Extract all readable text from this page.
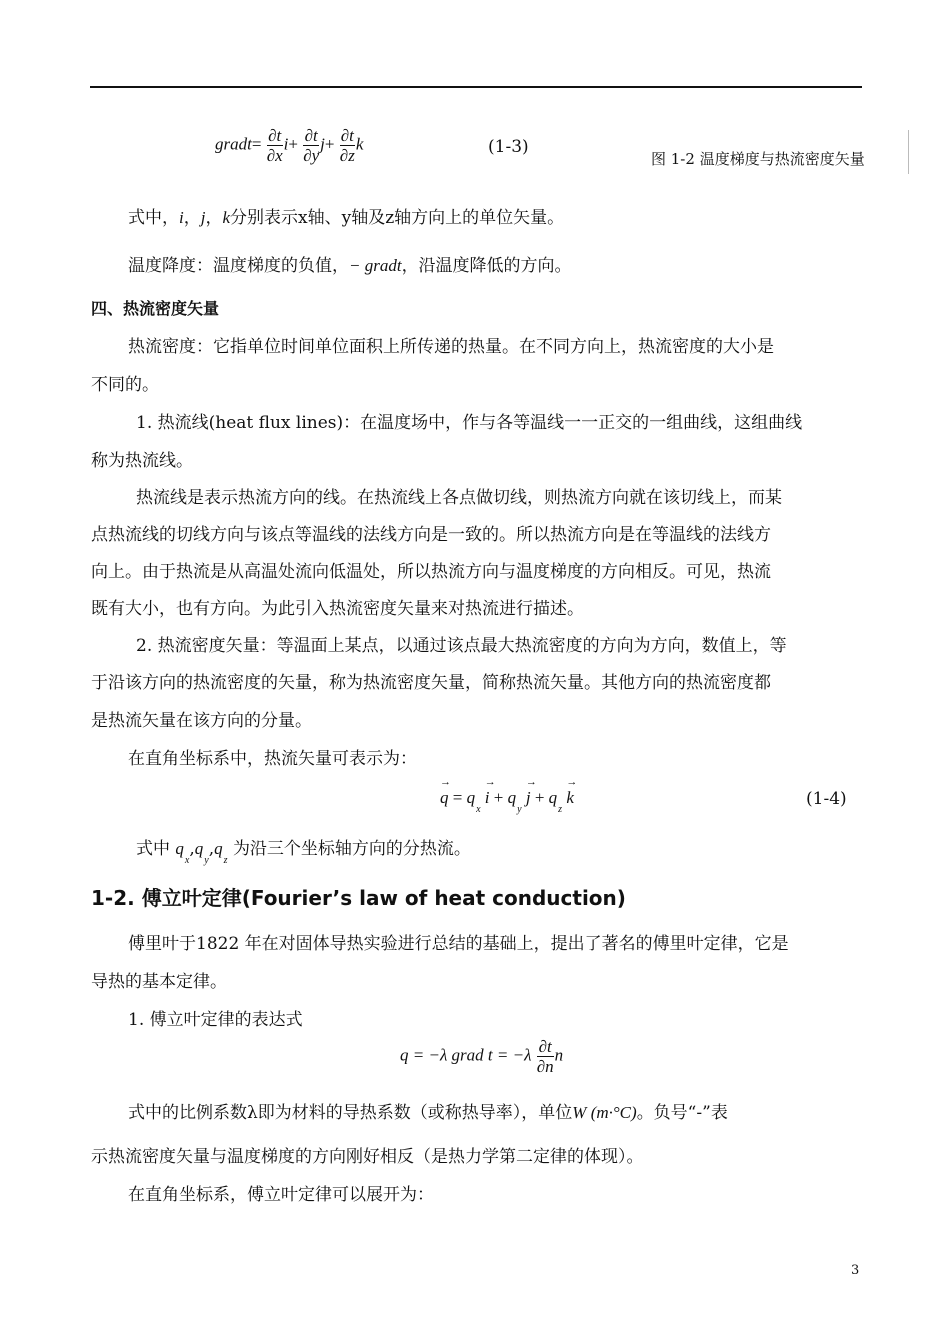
gradt= $\frac{\partial t}{\partial x} i+ \frac{\partial t}{\partial y} j+ \frac{\partial t}{\partial z}$ k	(1-3)
图 1-2 温度梯度与热流密度矢量
式中，i，j，k分别表示x轴、y轴及z轴方向上的单位矢量。
温度降度：温度梯度的负值，− gradt，沿温度降低的方向。
四、热流密度矢量
热流密度：它指单位时间单位面积上所传递的热量。在不同方向上，热流密度的大小是
不同的。
1. 热流线(heat flux lines)：在温度场中，作与各等温线一一正交的一组曲线，这组曲线
称为热流线。
热流线是表示热流方向的线。在热流线上各点做切线，则热流方向就在该切线上，而某
点热流线的切线方向与该点等温线的法线方向是一致的。所以热流方向是在等温线的法线方
向上。由于热流是从高温处流向低温处，所以热流方向与温度梯度的方向相反。可见，热流
既有大小，也有方向。为此引入热流密度矢量来对热流进行描述。
2. 热流密度矢量：等温面上某点，以通过该点最大热流密度的方向为方向，数值上，等
于沿该方向的热流密度的矢量，称为热流密度矢量，简称热流矢量。其他方向的热流密度都
是热流矢量在该方向的分量。
在直角坐标系中，热流矢量可表示为：
→ $q = q_x \to i + q_y \to j + q_z \to k$	(1-4)
式中 $q_x,q_y,q_z$ 为沿三个坐标轴方向的分热流。
1-2. 傅立叶定律(Fourier’s law of heat conduction)
傅里叶于1822 年在对固体导热实验进行总结的基础上，提出了著名的傅里叶定律，它是
导热的基本定律。
1. 傅立叶定律的表达式
q = −λ grad $t = -\lambda \frac{\partial t}{\partial n}$ n
式中的比例系数λ即为材料的导热系数（或称热导率），单位W (m·°C)。负号“-”表
示热流密度矢量与温度梯度的方向刚好相反（是热力学第二定律的体现）。
在直角坐标系，傅立叶定律可以展开为：
3
